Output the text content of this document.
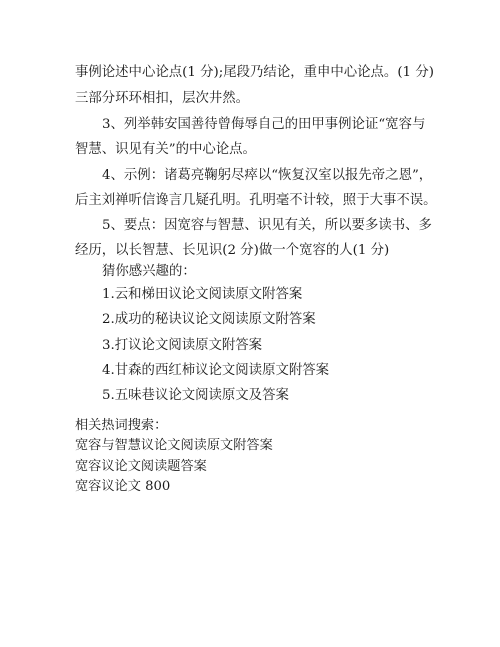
事例论述中心论点(1 分);尾段乃结论，重申中心论点。(1 分)
三部分环环相扣，层次井然。
3、列举韩安国善待曾侮辱自己的田甲事例论证“宽容与
智慧、识见有关”的中心论点。
4、示例：诸葛亮鞠躬尽瘁以“恢复汉室以报先帝之恩”，
后主刘禅听信谗言几疑孔明。孔明毫不计较，照于大事不误。
5、要点：因宽容与智慧、识见有关，所以要多读书、多
经历，以长智慧、长见识(2 分)做一个宽容的人(1 分)
猜你感兴趣的：
1.云和梯田议论文阅读原文附答案
2.成功的秘诀议论文阅读原文附答案
3.打议论文阅读原文附答案
4.甘森的西红柿议论文阅读原文附答案
5.五味巷议论文阅读原文及答案
相关热词搜索：
宽容与智慧议论文阅读原文附答案
宽容议论文阅读题答案
宽容议论文 800
